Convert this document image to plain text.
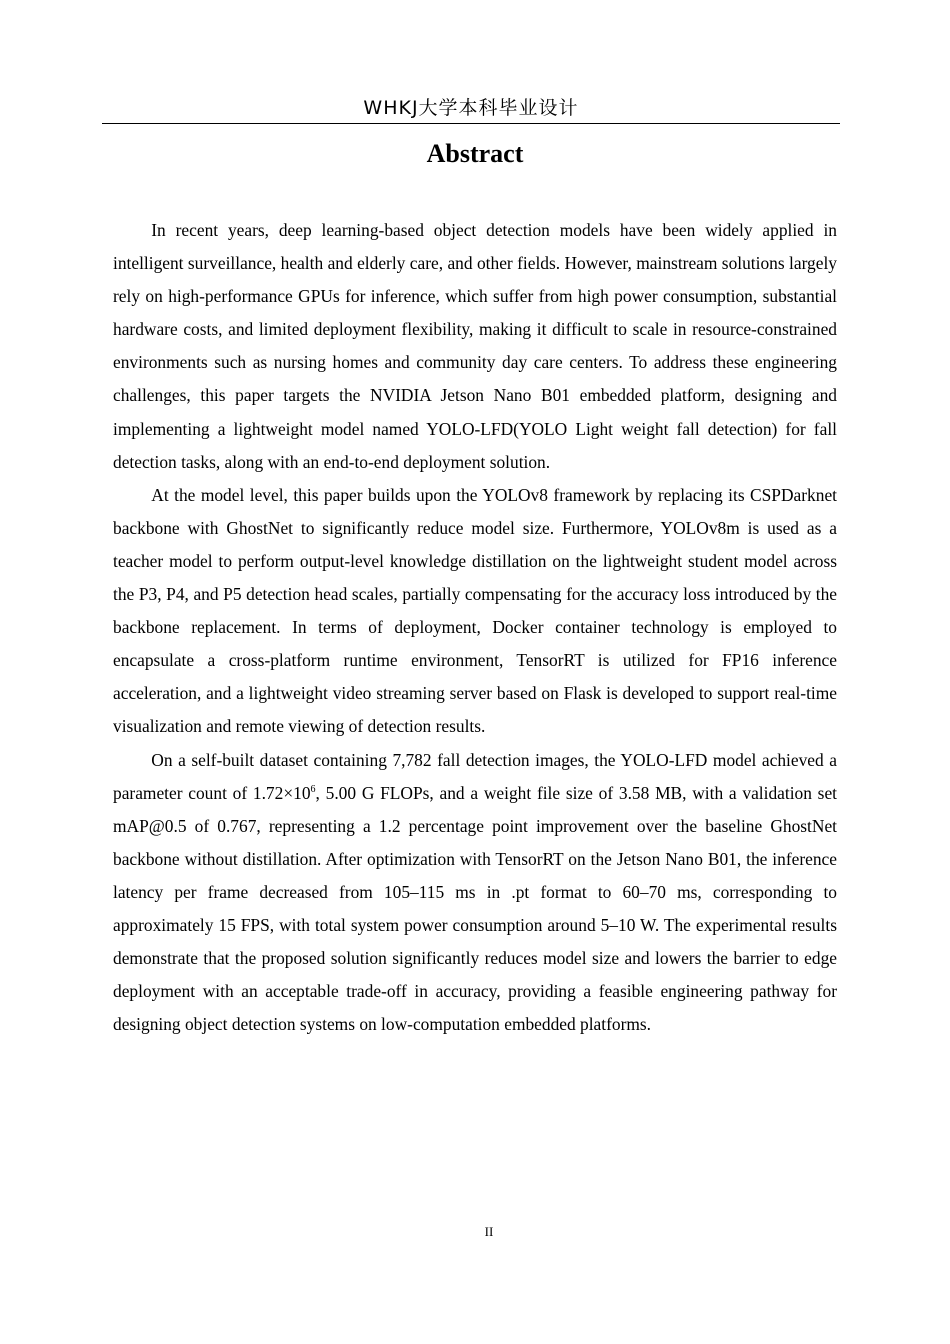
WHKJ大学本科毕业设计
Abstract

In recent years, deep learning-based object detection models have been widely applied in intelligent surveillance, health and elderly care, and other fields. However, mainstream solutions largely rely on high-performance GPUs for inference, which suffer from high power consumption, substantial hardware costs, and limited deployment flexibility, making it difficult to scale in resource-constrained environments such as nursing homes and community day care centers. To address these engineering challenges, this paper targets the NVIDIA Jetson Nano B01 embedded platform, designing and implementing a lightweight model named YOLO-LFD(YOLO Light weight fall detection) for fall detection tasks, along with an end-to-end deployment solution.

At the model level, this paper builds upon the YOLOv8 framework by replacing its CSPDarknet backbone with GhostNet to significantly reduce model size. Furthermore, YOLOv8m is used as a teacher model to perform output-level knowledge distillation on the lightweight student model across the P3, P4, and P5 detection head scales, partially compensating for the accuracy loss introduced by the backbone replacement. In terms of deployment, Docker container technology is employed to encapsulate a cross-platform runtime environment, TensorRT is utilized for FP16 inference acceleration, and a lightweight video streaming server based on Flask is developed to support real-time visualization and remote viewing of detection results.

On a self-built dataset containing 7,782 fall detection images, the YOLO-LFD model achieved a parameter count of $1.72\times 10^6$, 5.00 G FLOPs, and a weight file size of 3.58 MB, with a validation set mAP@0.5 of 0.767, representing a 1.2 percentage point improvement over the baseline GhostNet backbone without distillation. After optimization with TensorRT on the Jetson Nano B01, the inference latency per frame decreased from 105–115 ms in .pt format to 60–70 ms, corresponding to approximately 15 FPS, with total system power consumption around 5–10 W. The experimental results demonstrate that the proposed solution significantly reduces model size and lowers the barrier to edge deployment with an acceptable trade-off in accuracy, providing a feasible engineering pathway for designing object detection systems on low-computation embedded platforms.

II
